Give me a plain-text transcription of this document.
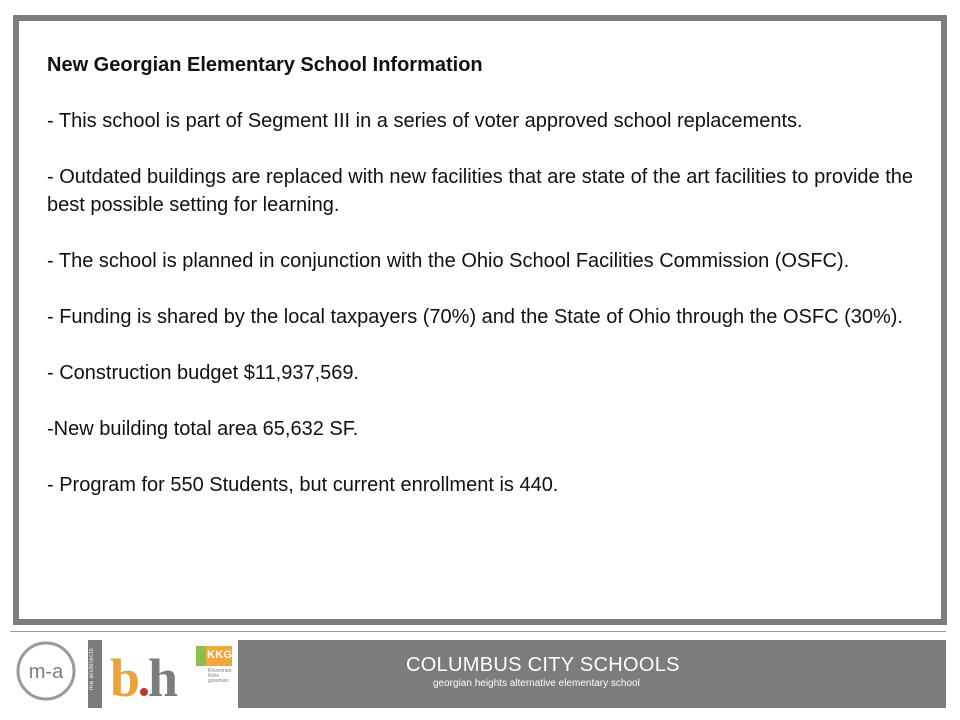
New Georgian Elementary School Information
- This school is part of Segment III in a series of voter approved school replacements.
- Outdated buildings are replaced with new facilities that are state of the art facilities to provide the best possible setting for learning.
- The school is planned in conjunction with the Ohio School Facilities Commission (OSFC).
- Funding is shared by the local taxpayers (70%) and the State of Ohio through the OSFC (30%).
- Construction budget $11,937,569.
-New building total area 65,632 SF.
- Program for 550 Students, but current enrollment is 440.
m-a	ma architects b h	KKG
Kinzelman Kline gossman
COLUMBUS CITY SCHOOLS
georgian heights alternative elementary school
